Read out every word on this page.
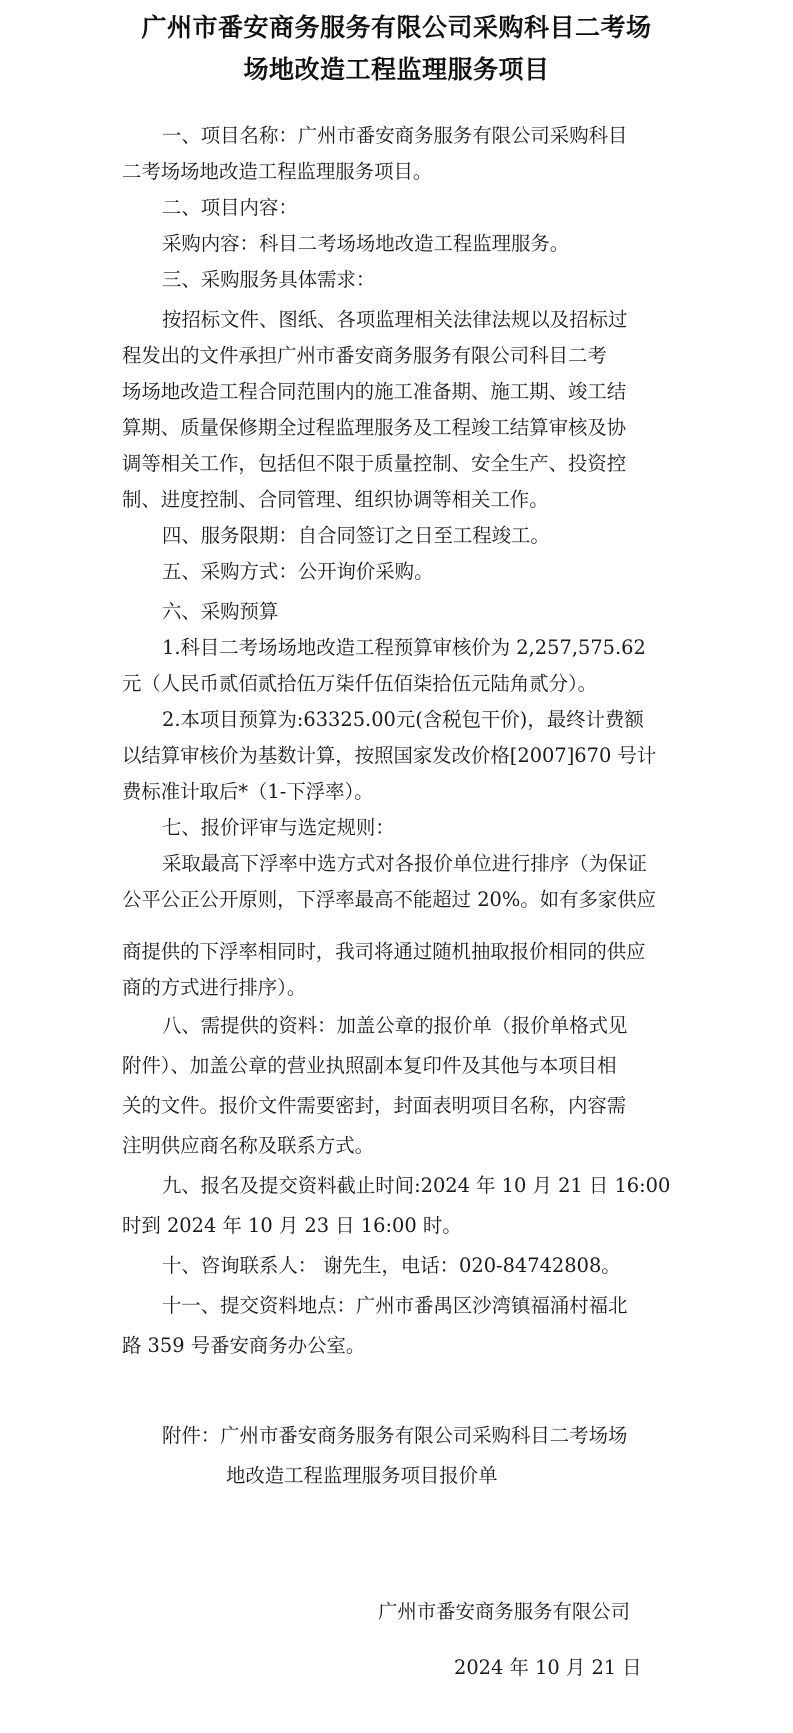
广州市番安商务服务有限公司采购科目二考场
场地改造工程监理服务项目

一、项目名称：广州市番安商务服务有限公司采购科目

二考场场地改造工程监理服务项目。

二、项目内容：

采购内容：科目二考场场地改造工程监理服务。

三、采购服务具体需求：

按招标文件、图纸、各项监理相关法律法规以及招标过

程发出的文件承担广州市番安商务服务有限公司科目二考

场场地改造工程合同范围内的施工准备期、施工期、竣工结

算期、质量保修期全过程监理服务及工程竣工结算审核及协

调等相关工作，包括但不限于质量控制、安全生产、投资控

制、进度控制、合同管理、组织协调等相关工作。

四、服务限期：自合同签订之日至工程竣工。

五、采购方式：公开询价采购。

六、采购预算

1.科目二考场场地改造工程预算审核价为 2,257,575.62

元（人民币贰佰贰拾伍万柒仟伍佰柒拾伍元陆角贰分）。

2.本项目预算为:63325.00元(含税包干价)，最终计费额

以结算审核价为基数计算，按照国家发改价格[2007]670 号计

费标准计取后*（1-下浮率）。

七、报价评审与选定规则：

采取最高下浮率中选方式对各报价单位进行排序（为保证

公平公正公开原则，下浮率最高不能超过 20%。如有多家供应

商提供的下浮率相同时，我司将通过随机抽取报价相同的供应

商的方式进行排序）。

八、需提供的资料：加盖公章的报价单（报价单格式见

附件）、加盖公章的营业执照副本复印件及其他与本项目相

关的文件。报价文件需要密封，封面表明项目名称，内容需

注明供应商名称及联系方式。

九、报名及提交资料截止时间:2024 年 10 月 21 日 16:00

时到 2024 年 10 月 23 日 16:00 时。

十、咨询联系人： 谢先生，电话：020-84742808。

十一、提交资料地点：广州市番禺区沙湾镇福涌村福北

路 359 号番安商务办公室。

附件：广州市番安商务服务有限公司采购科目二考场场

地改造工程监理服务项目报价单

广州市番安商务服务有限公司

2024 年 10 月 21 日
